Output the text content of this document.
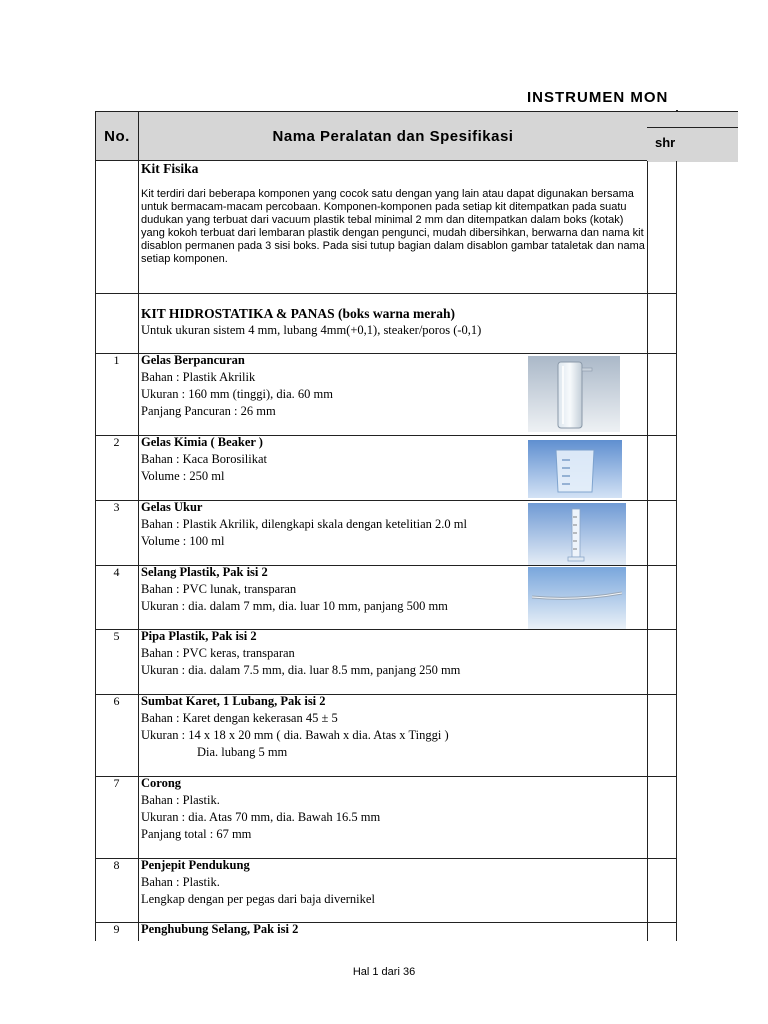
INSTRUMEN MON
No.	Nama Peralatan dan Spesifikasi	shr
Kit Fisika
Kit terdiri dari beberapa komponen yang cocok satu dengan yang lain atau dapat digunakan bersama untuk bermacam-macam percobaan. Komponen-komponen pada setiap kit ditempatkan pada suatu dudukan yang terbuat dari vacuum plastik tebal minimal 2 mm dan ditempatkan dalam boks (kotak) yang kokoh terbuat dari lembaran plastik dengan pengunci, mudah dibersihkan, berwarna dan nama kit disablon permanen pada 3 sisi boks. Pada sisi tutup bagian dalam disablon gambar tataletak dan nama setiap komponen.
KIT HIDROSTATIKA & PANAS (boks warna merah)
Untuk ukuran sistem 4 mm, lubang 4mm(+0,1), steaker/poros (-0,1)
1	Gelas Berpancuran
Bahan : Plastik Akrilik
Ukuran : 160 mm (tinggi), dia. 60 mm
Panjang Pancuran : 26 mm
2	Gelas Kimia ( Beaker )
Bahan : Kaca Borosilikat
Volume : 250 ml
3	Gelas Ukur
Bahan : Plastik Akrilik, dilengkapi skala dengan ketelitian 2.0 ml
Volume : 100 ml
4	Selang Plastik, Pak isi 2
Bahan : PVC lunak, transparan
Ukuran : dia. dalam 7 mm, dia. luar 10 mm, panjang 500 mm
5	Pipa Plastik, Pak isi 2
Bahan : PVC keras, transparan
Ukuran : dia. dalam 7.5 mm, dia. luar 8.5 mm, panjang 250 mm
6	Sumbat Karet, 1 Lubang, Pak isi 2
Bahan : Karet dengan kekerasan 45 ± 5
Ukuran : 14 x 18 x 20 mm ( dia. Bawah x dia. Atas x Tinggi )
Dia. lubang 5 mm
7	Corong
Bahan : Plastik.
Ukuran : dia. Atas 70 mm, dia. Bawah 16.5 mm
Panjang total : 67 mm
8	Penjepit Pendukung
Bahan : Plastik.
Lengkap dengan per pegas dari baja divernikel
9	Penghubung Selang, Pak isi 2
Hal 1 dari 36
